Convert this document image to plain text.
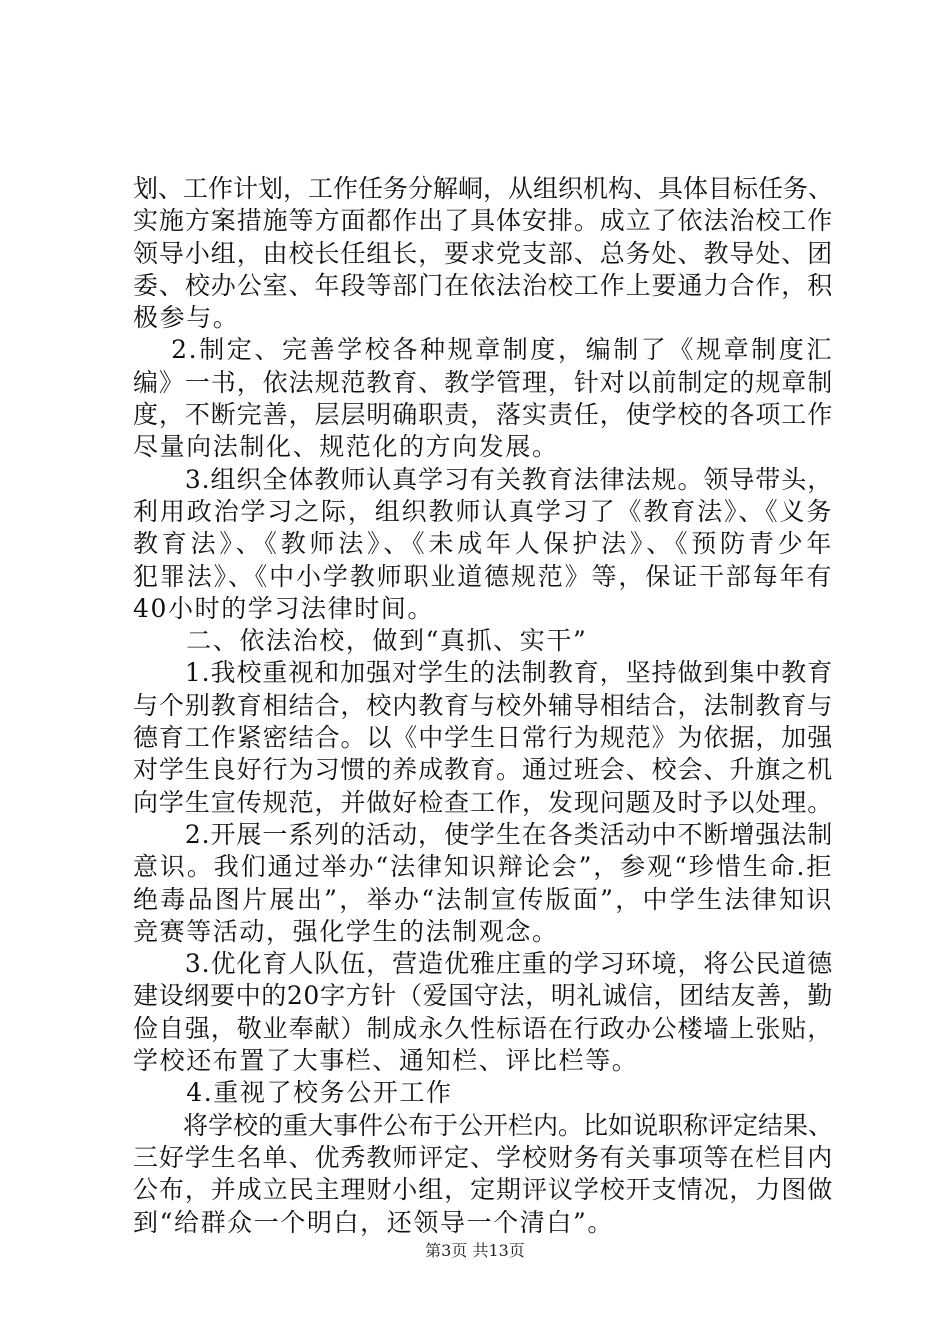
划、工作计划，工作任务分解峒，从组织机构、具体目标任务、
实施方案措施等方面都作出了具体安排。成立了依法治校工作
领导小组，由校长任组长，要求党支部、总务处、教导处、团
委、校办公室、年段等部门在依法治校工作上要通力合作，积
极参与。
　 2.制定、完善学校各种规章制度，编制了《规章制度汇
编》一书，依法规范教育、教学管理，针对以前制定的规章制
度，不断完善，层层明确职责，落实责任，使学校的各项工作
尽量向法制化、规范化的方向发展。
　　3.组织全体教师认真学习有关教育法律法规。领导带头，
利用政治学习之际，组织教师认真学习了《教育法》、《义务
教育法》、《教师法》、《未成年人保护法》、《预防青少年
犯罪法》、《中小学教师职业道德规范》等，保证干部每年有
40小时的学习法律时间。
　　二、依法治校，做到“真抓、实干”
　　1.我校重视和加强对学生的法制教育，坚持做到集中教育
与个别教育相结合，校内教育与校外辅导相结合，法制教育与
德育工作紧密结合。以《中学生日常行为规范》为依据，加强
对学生良好行为习惯的养成教育。通过班会、校会、升旗之机
向学生宣传规范，并做好检查工作，发现问题及时予以处理。
　　2.开展一系列的活动，使学生在各类活动中不断增强法制
意识。我们通过举办“法律知识辩论会”，参观“珍惜生命.拒
绝毒品图片展出”，举办“法制宣传版面”，中学生法律知识
竞赛等活动，强化学生的法制观念。
　　3.优化育人队伍，营造优雅庄重的学习环境，将公民道德
建设纲要中的20字方针（爱国守法，明礼诚信，团结友善，勤
俭自强，敬业奉献）制成永久性标语在行政办公楼墙上张贴，
学校还布置了大事栏、通知栏、评比栏等。
　　4.重视了校务公开工作
　　将学校的重大事件公布于公开栏内。比如说职称评定结果、
三好学生名单、优秀教师评定、学校财务有关事项等在栏目内
公布，并成立民主理财小组，定期评议学校开支情况，力图做
到“给群众一个明白，还领导一个清白”。
第3页 共13页
